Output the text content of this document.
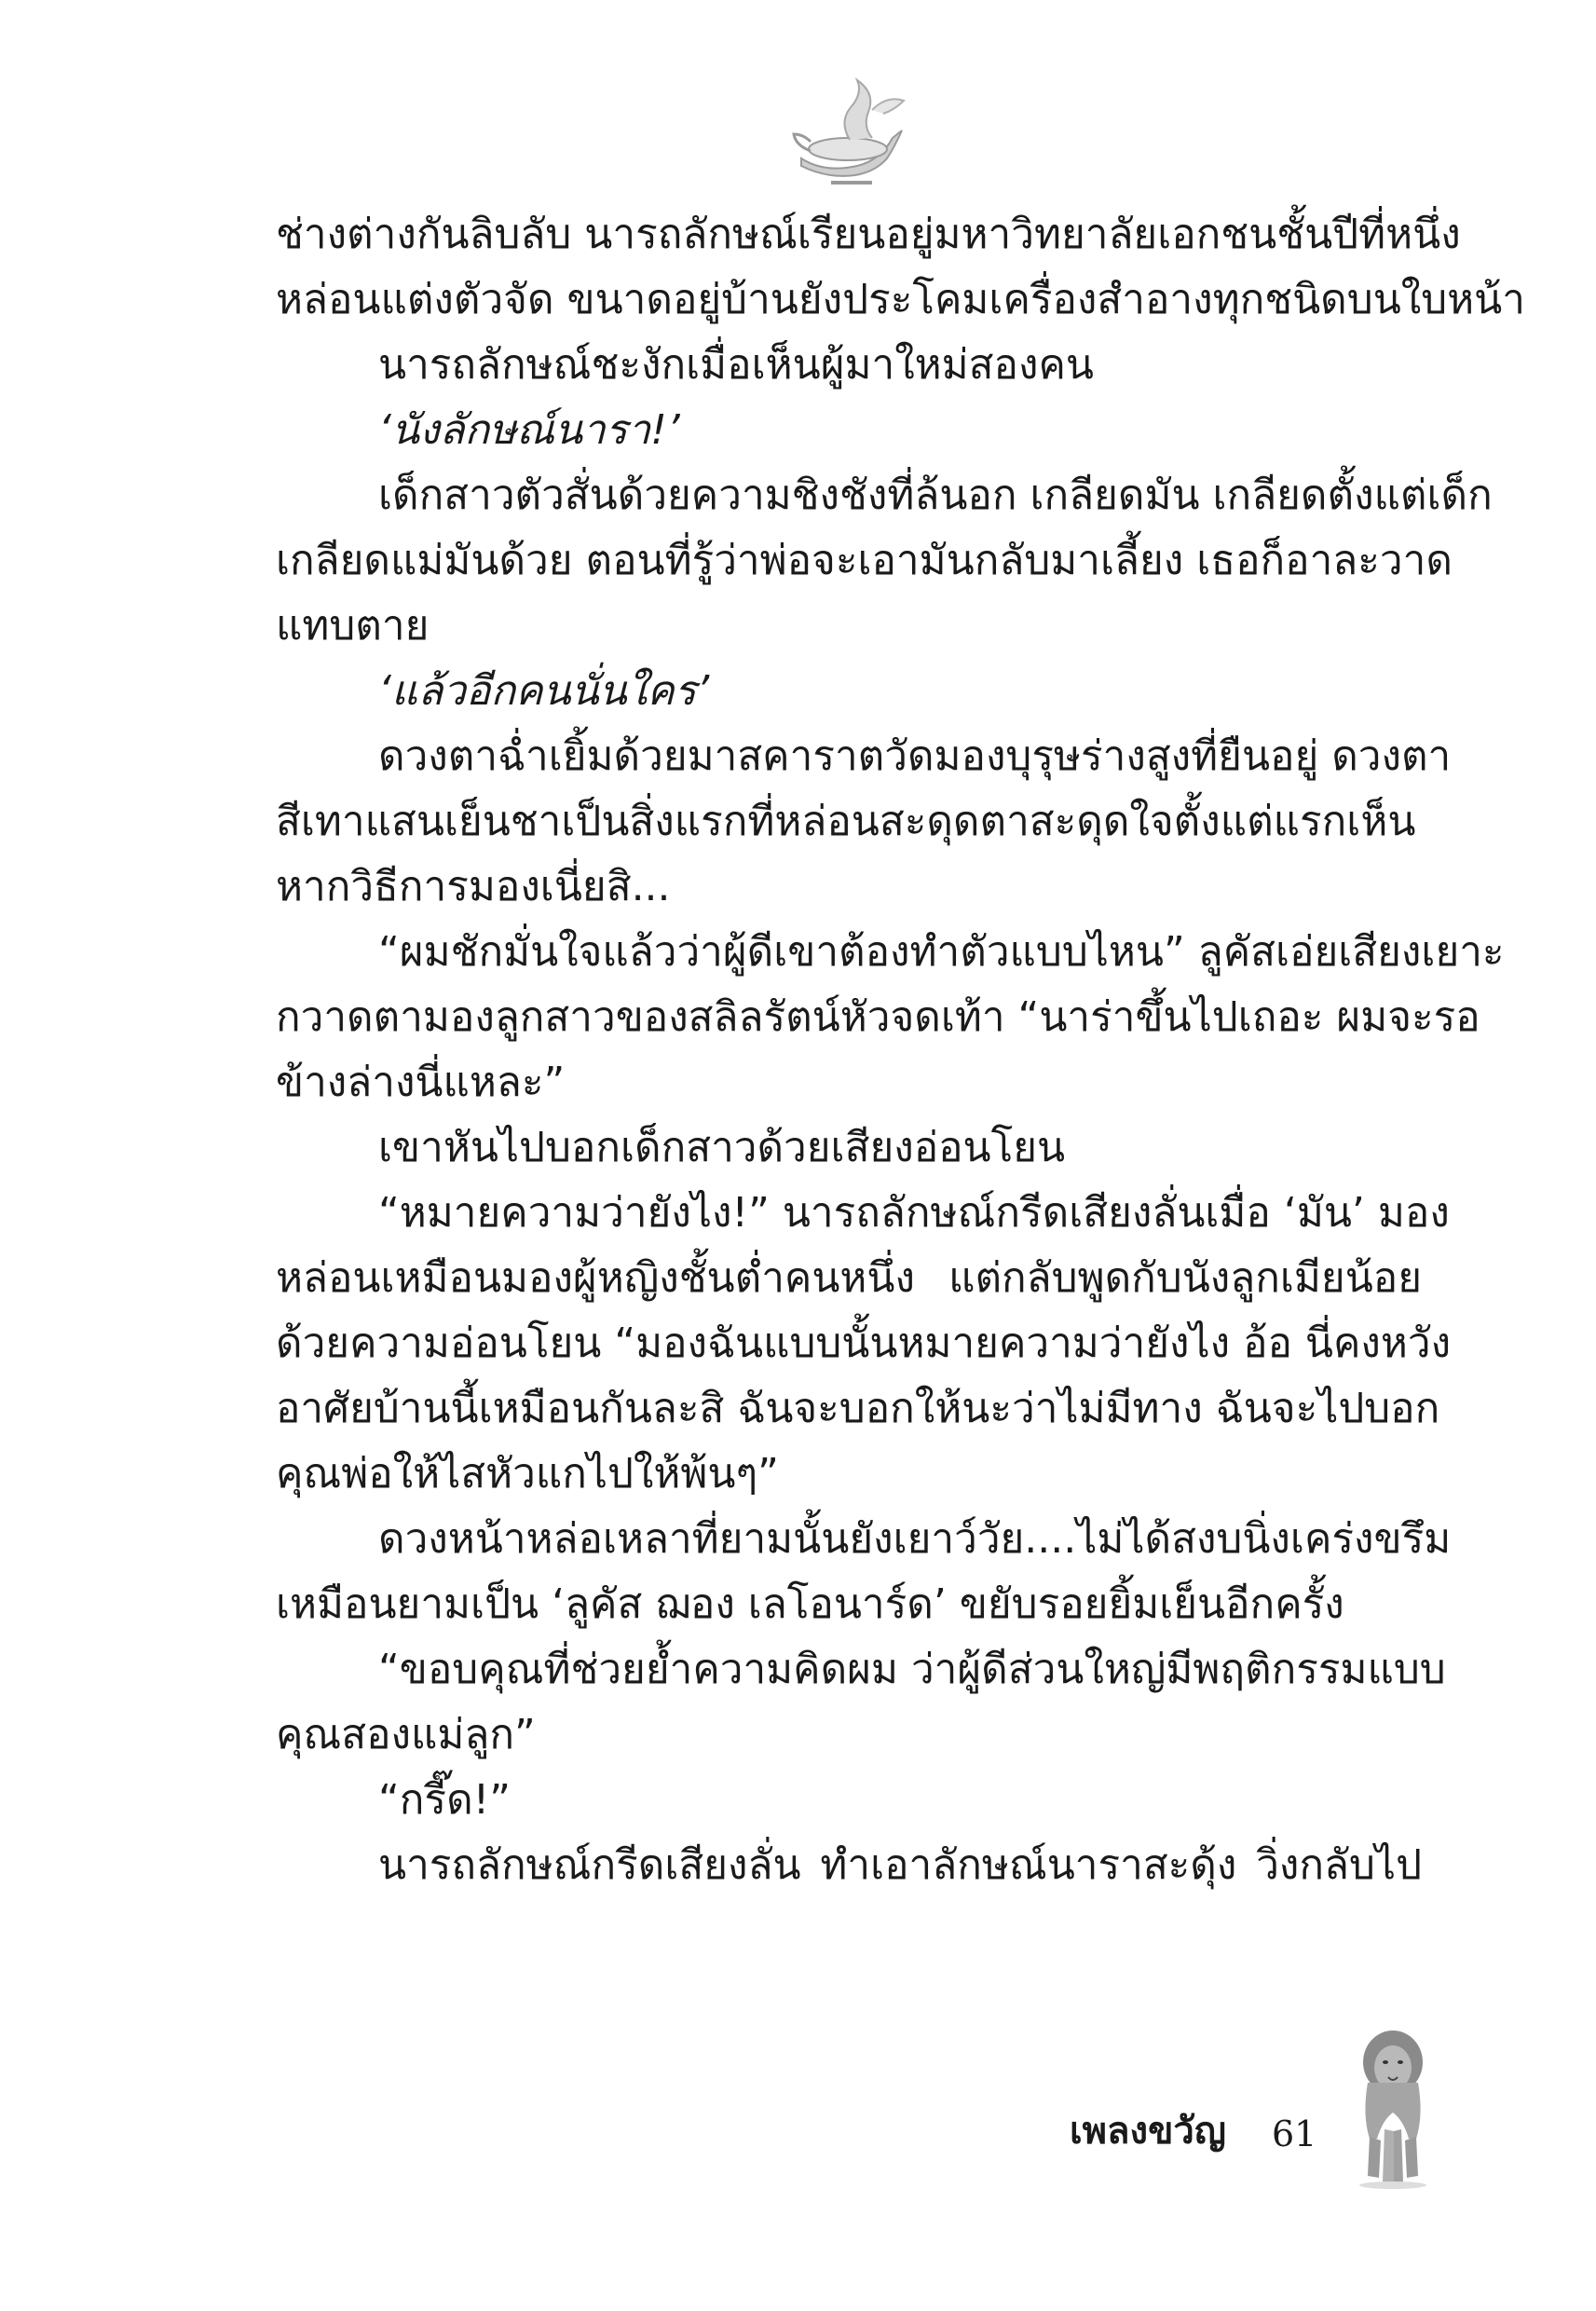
ช่างต่างกันลิบลับ นารถลักษณ์เรียนอยู่มหาวิทยาลัยเอกชนชั้นปีที่หนึ่ง
หล่อนแต่งตัวจัด ขนาดอยู่บ้านยังประโคมเครื่องสำอางทุกชนิดบนใบหน้า
นารถลักษณ์ชะงักเมื่อเห็นผู้มาใหม่สองคน
‘นังลักษณ์นารา!’
เด็กสาวตัวสั่นด้วยความชิงชังที่ล้นอก เกลียดมัน เกลียดตั้งแต่เด็ก
เกลียดแม่มันด้วย ตอนที่รู้ว่าพ่อจะเอามันกลับมาเลี้ยง เธอก็อาละวาด
แทบตาย
‘แล้วอีกคนนั่นใคร’
ดวงตาฉ่ำเยิ้มด้วยมาสคาราตวัดมองบุรุษร่างสูงที่ยืนอยู่ ดวงตา
สีเทาแสนเย็นชาเป็นสิ่งแรกที่หล่อนสะดุดตาสะดุดใจตั้งแต่แรกเห็น
หากวิธีการมองเนี่ยสิ...
“ผมชักมั่นใจแล้วว่าผู้ดีเขาต้องทำตัวแบบไหน” ลูคัสเอ่ยเสียงเยาะ
กวาดตามองลูกสาวของสลิลรัตน์หัวจดเท้า “นาร่าขึ้นไปเถอะ ผมจะรอ
ข้างล่างนี่แหละ”
เขาหันไปบอกเด็กสาวด้วยเสียงอ่อนโยน
“หมายความว่ายังไง!” นารถลักษณ์กรีดเสียงลั่นเมื่อ ‘มัน’ มอง
หล่อนเหมือนมองผู้หญิงชั้นต่ำคนหนึ่ง แต่กลับพูดกับนังลูกเมียน้อย
ด้วยความอ่อนโยน “มองฉันแบบนั้นหมายความว่ายังไง อ้อ นี่คงหวัง
อาศัยบ้านนี้เหมือนกันละสิ ฉันจะบอกให้นะว่าไม่มีทาง ฉันจะไปบอก
คุณพ่อให้ไสหัวแกไปให้พ้นๆ”
ดวงหน้าหล่อเหลาที่ยามนั้นยังเยาว์วัย....ไม่ได้สงบนิ่งเคร่งขรึม
เหมือนยามเป็น ‘ลูคัส ฌอง เลโอนาร์ด’ ขยับรอยยิ้มเย็นอีกครั้ง
“ขอบคุณที่ช่วยย้ำความคิดผม ว่าผู้ดีส่วนใหญ่มีพฤติกรรมแบบ
คุณสองแม่ลูก”
“กรี๊ด!”
นารถลักษณ์กรีดเสียงลั่น ทำเอาลักษณ์นาราสะดุ้ง วิ่งกลับไป
เพลงขวัญ 61
